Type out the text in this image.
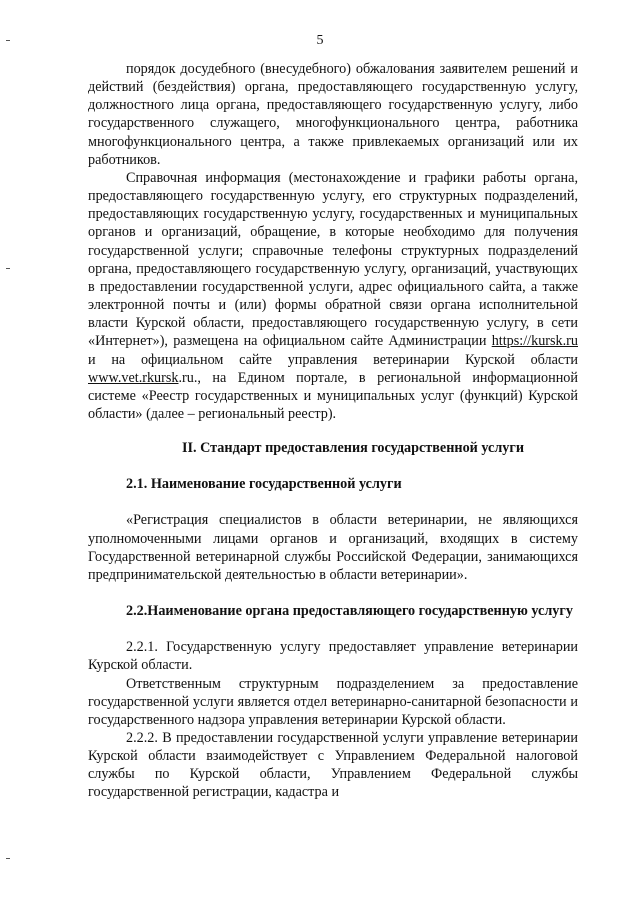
5

порядок досудебного (внесудебного) обжалования заявителем решений и действий (бездействия) органа, предоставляющего государственную услугу, должностного лица органа, предоставляющего государственную услугу, либо государственного служащего, многофункционального центра, работника многофункционального центра, а также привлекаемых организаций или их работников.

Справочная информация (местонахождение и графики работы органа, предоставляющего государственную услугу, его структурных подразделений, предоставляющих государственную услугу, государственных и муниципальных органов и организаций, обращение, в которые необходимо для получения государственной услуги; справочные телефоны структурных подразделений органа, предоставляющего государственную услугу, организаций, участвующих в предоставлении государственной услуги, адрес официального сайта, а также электронной почты и (или) формы обратной связи органа исполнительной власти Курской области, предоставляющего государственную услугу, в сети «Интернет»), размещена на официальном сайте Администрации https://kursk.ru и на официальном сайте управления ветеринарии Курской области www.vet.rkursk.ru., на Едином портале, в региональной информационной системе «Реестр государственных и муниципальных услуг (функций) Курской области» (далее – региональный реестр).

II. Стандарт предоставления государственной услуги

2.1. Наименование государственной услуги

«Регистрация специалистов в области ветеринарии, не являющихся уполномоченными лицами органов и организаций, входящих в систему Государственной ветеринарной службы Российской Федерации, занимающихся предпринимательской деятельностью в области ветеринарии».

2.2.Наименование органа предоставляющего государственную услугу

2.2.1. Государственную услугу предоставляет управление ветеринарии Курской области.

Ответственным структурным подразделением за предоставление государственной услуги является отдел ветеринарно-санитарной безопасности и государственного надзора управления ветеринарии Курской области.

2.2.2. В предоставлении государственной услуги управление ветеринарии Курской области взаимодействует с Управлением Федеральной налоговой службы по Курской области, Управлением Федеральной службы государственной регистрации, кадастра и
